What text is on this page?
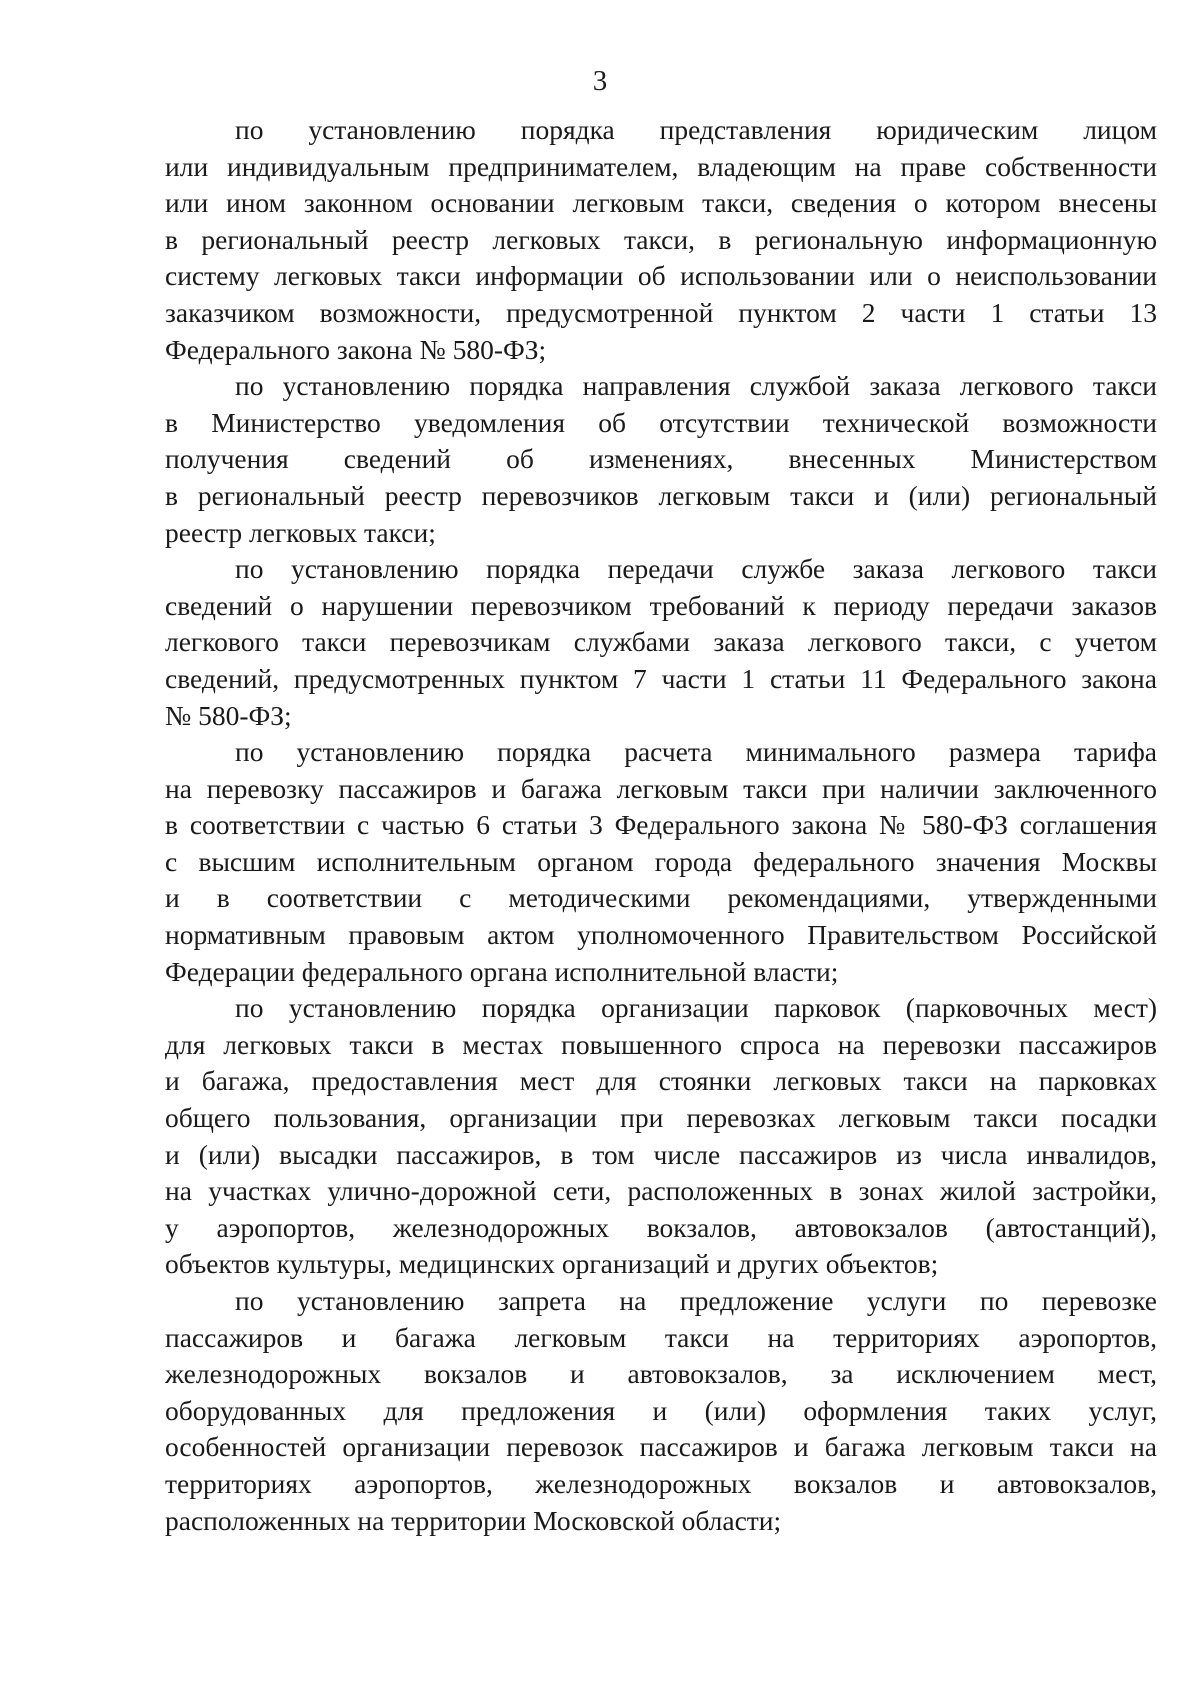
3
по установлению порядка представления юридическим лицом
или индивидуальным предпринимателем, владеющим на праве собственности
или ином законном основании легковым такси, сведения о котором внесены
в региональный реестр легковых такси, в региональную информационную
систему легковых такси информации об использовании или о неиспользовании
заказчиком возможности, предусмотренной пунктом 2 части 1 статьи 13
Федерального закона № 580-ФЗ;
по установлению порядка направления службой заказа легкового такси
в Министерство уведомления об отсутствии технической возможности
получения сведений об изменениях, внесенных Министерством
в региональный реестр перевозчиков легковым такси и (или) региональный
реестр легковых такси;
по установлению порядка передачи службе заказа легкового такси
сведений о нарушении перевозчиком требований к периоду передачи заказов
легкового такси перевозчикам службами заказа легкового такси, с учетом
сведений, предусмотренных пунктом 7 части 1 статьи 11 Федерального закона
№ 580-ФЗ;
по установлению порядка расчета минимального размера тарифа
на перевозку пассажиров и багажа легковым такси при наличии заключенного
в соответствии с частью 6 статьи 3 Федерального закона № 580-ФЗ соглашения
с высшим исполнительным органом города федерального значения Москвы
и в соответствии с методическими рекомендациями, утвержденными
нормативным правовым актом уполномоченного Правительством Российской
Федерации федерального органа исполнительной власти;
по установлению порядка организации парковок (парковочных мест)
для легковых такси в местах повышенного спроса на перевозки пассажиров
и багажа, предоставления мест для стоянки легковых такси на парковках
общего пользования, организации при перевозках легковым такси посадки
и (или) высадки пассажиров, в том числе пассажиров из числа инвалидов,
на участках улично-дорожной сети, расположенных в зонах жилой застройки,
у аэропортов, железнодорожных вокзалов, автовокзалов (автостанций),
объектов культуры, медицинских организаций и других объектов;
по установлению запрета на предложение услуги по перевозке
пассажиров и багажа легковым такси на территориях аэропортов,
железнодорожных вокзалов и автовокзалов, за исключением мест,
оборудованных для предложения и (или) оформления таких услуг,
особенностей организации перевозок пассажиров и багажа легковым такси на
территориях аэропортов, железнодорожных вокзалов и автовокзалов,
расположенных на территории Московской области;
